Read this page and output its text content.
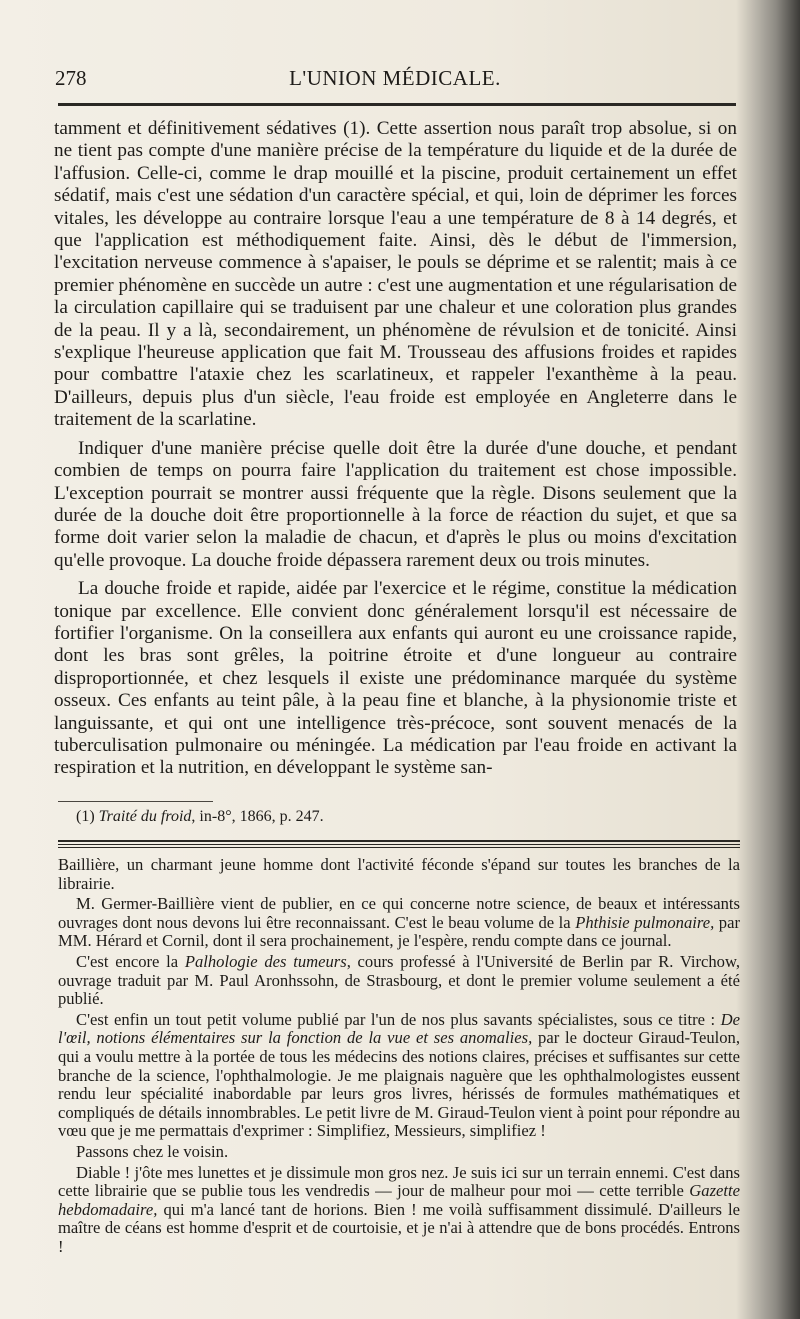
278	L'UNION MÉDICALE.

tamment et définitivement sédatives (1). Cette assertion nous paraît trop absolue, si on ne tient pas compte d'une manière précise de la température du liquide et de la durée de l'affusion. Celle-ci, comme le drap mouillé et la piscine, produit certainement un effet sédatif, mais c'est une sédation d'un caractère spécial, et qui, loin de déprimer les forces vitales, les développe au contraire lorsque l'eau a une température de 8 à 14 degrés, et que l'application est méthodiquement faite. Ainsi, dès le début de l'immersion, l'excitation nerveuse commence à s'apaiser, le pouls se déprime et se ralentit; mais à ce premier phénomène en succède un autre : c'est une augmentation et une régularisation de la circulation capillaire qui se traduisent par une chaleur et une coloration plus grandes de la peau. Il y a là, secondairement, un phénomène de révulsion et de tonicité. Ainsi s'explique l'heureuse application que fait M. Trousseau des affusions froides et rapides pour combattre l'ataxie chez les scarlatineux, et rappeler l'exanthème à la peau. D'ailleurs, depuis plus d'un siècle, l'eau froide est employée en Angleterre dans le traitement de la scarlatine.

Indiquer d'une manière précise quelle doit être la durée d'une douche, et pendant combien de temps on pourra faire l'application du traitement est chose impossible. L'exception pourrait se montrer aussi fréquente que la règle. Disons seulement que la durée de la douche doit être proportionnelle à la force de réaction du sujet, et que sa forme doit varier selon la maladie de chacun, et d'après le plus ou moins d'excitation qu'elle provoque. La douche froide dépassera rarement deux ou trois minutes.

La douche froide et rapide, aidée par l'exercice et le régime, constitue la médication tonique par excellence. Elle convient donc généralement lorsqu'il est nécessaire de fortifier l'organisme. On la conseillera aux enfants qui auront eu une croissance rapide, dont les bras sont grêles, la poitrine étroite et d'une longueur au contraire disproportionnée, et chez lesquels il existe une prédominance marquée du système osseux. Ces enfants au teint pâle, à la peau fine et blanche, à la physionomie triste et languissante, et qui ont une intelligence très-précoce, sont souvent menacés de la tuberculisation pulmonaire ou méningée. La médication par l'eau froide en activant la respiration et la nutrition, en développant le système san-

(1) Traité du froid, in-8°, 1866, p. 247.

Baillière, un charmant jeune homme dont l'activité féconde s'épand sur toutes les branches de la librairie.

M. Germer-Baillière vient de publier, en ce qui concerne notre science, de beaux et intéressants ouvrages dont nous devons lui être reconnaissant. C'est le beau volume de la Phthisie pulmonaire, par MM. Hérard et Cornil, dont il sera prochainement, je l'espère, rendu compte dans ce journal.

C'est encore la Palhologie des tumeurs, cours professé à l'Université de Berlin par R. Virchow, ouvrage traduit par M. Paul Aronhssohn, de Strasbourg, et dont le premier volume seulement a été publié.

C'est enfin un tout petit volume publié par l'un de nos plus savants spécialistes, sous ce titre : De l'œil, notions élémentaires sur la fonction de la vue et ses anomalies, par le docteur Giraud-Teulon, qui a voulu mettre à la portée de tous les médecins des notions claires, précises et suffisantes sur cette branche de la science, l'ophthalmologie. Je me plaignais naguère que les ophthalmologistes eussent rendu leur spécialité inabordable par leurs gros livres, hérissés de formules mathématiques et compliqués de détails innombrables. Le petit livre de M. Giraud-Teulon vient à point pour répondre au vœu que je me permattais d'exprimer : Simplifiez, Messieurs, simplifiez !

Passons chez le voisin.

Diable ! j'ôte mes lunettes et je dissimule mon gros nez. Je suis ici sur un terrain ennemi. C'est dans cette librairie que se publie tous les vendredis — jour de malheur pour moi — cette terrible Gazette hebdomadaire, qui m'a lancé tant de horions. Bien ! me voilà suffisamment dissimulé. D'ailleurs le maître de céans est homme d'esprit et de courtoisie, et je n'ai à attendre que de bons procédés. Entrons !
